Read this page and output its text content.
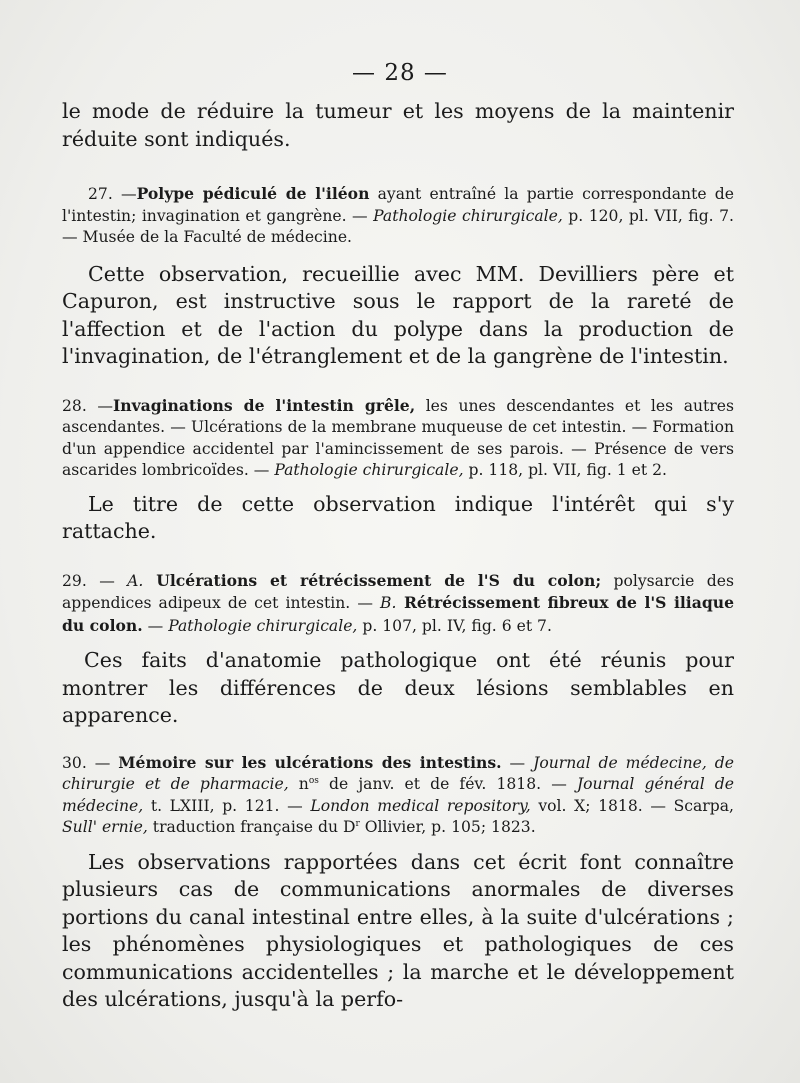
— 28 —

le mode de réduire la tumeur et les moyens de la maintenir réduite sont indiqués.

27. —Polype pédiculé de l'iléon ayant entraîné la partie correspondante de l'intestin; invagination et gangrène. — Pathologie chirurgicale, p. 120, pl. VII, fig. 7. — Musée de la Faculté de médecine.

Cette observation, recueillie avec MM. Devilliers père et Capuron, est instructive sous le rapport de la rareté de l'affection et de l'action du polype dans la production de l'invagination, de l'étranglement et de la gangrène de l'intestin.

28. —Invaginations de l'intestin grêle, les unes descendantes et les autres ascendantes. — Ulcérations de la membrane muqueuse de cet intestin. — Formation d'un appendice accidentel par l'amincissement de ses parois. — Présence de vers ascarides lombricoïdes. — Pathologie chirurgicale, p. 118, pl. VII, fig. 1 et 2.

Le titre de cette observation indique l'intérêt qui s'y rattache.

29. — A. Ulcérations et rétrécissement de l'S du colon; polysarcie des appendices adipeux de cet intestin. — B. Rétrécissement fibreux de l'S iliaque du colon. — Pathologie chirurgicale, p. 107, pl. IV, fig. 6 et 7.

Ces faits d'anatomie pathologique ont été réunis pour montrer les différences de deux lésions semblables en apparence.

30. — Mémoire sur les ulcérations des intestins. — Journal de médecine, de chirurgie et de pharmacie, $n^{os}$ de janv. et de fév. 1818. — Journal général de médecine, t. LXIII, p. 121. — London medical repository, vol. X; 1818. — Scarpa, Sull' ernie, traduction française du $D^r$ Ollivier, p. 105; 1823.

Les observations rapportées dans cet écrit font connaître plusieurs cas de communications anormales de diverses portions du canal intestinal entre elles, à la suite d'ulcérations ; les phénomènes physiologiques et pathologiques de ces communications accidentelles ; la marche et le développement des ulcérations, jusqu'à la perfo-
